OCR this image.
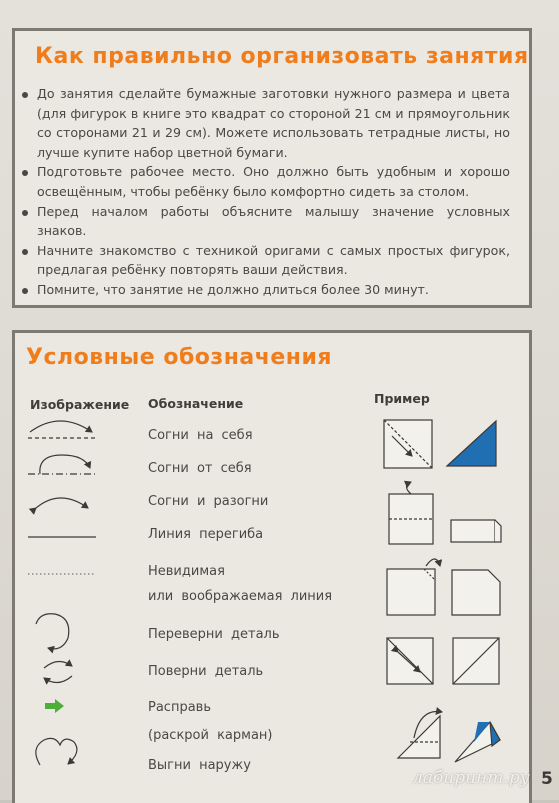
Как правильно организовать занятия
До занятия сделайте бумажные заготовки нужного размера и цвета (для фигурок в книге это квадрат со стороной 21 см и прямоугольник со сторонами 21 и 29 см). Можете использовать тетрадные листы, но лучше купите набор цветной бумаги.
Подготовьте рабочее место. Оно должно быть удобным и хорошо освещённым, чтобы ребёнку было комфортно сидеть за столом.
Перед началом работы объясните малышу значение условных знаков.
Начните знакомство с техникой оригами с самых простых фигурок, предлагая ребёнку повторять ваши действия.
Помните, что занятие не должно длиться более 30 минут.
Условные обозначения
Изображение Обозначение	Пример
Согни на себя
Согни от себя
Согни и разогни
Линия перегиба
Невидимая
или воображаемая линия
Переверни деталь
Поверни деталь
Расправь
(раскрой карман)
Выгни наружу
лабиринт.ру 5
